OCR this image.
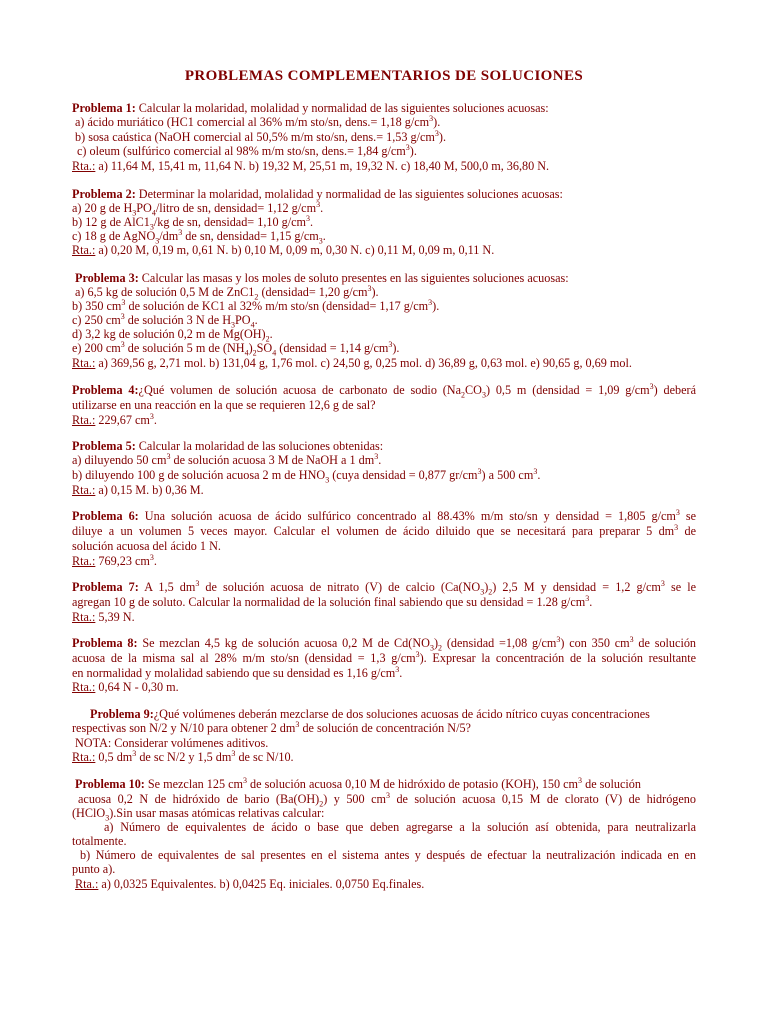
PROBLEMAS COMPLEMENTARIOS DE SOLUCIONES
Problema 1: Calcular la molaridad, molalidad y normalidad de las siguientes soluciones acuosas:
a) ácido muriático (HC1 comercial al 36% m/m sto/sn, dens.= 1,18 $g/cm^3$).
b) sosa caústica (NaOH comercial al 50,5% m/m sto/sn, dens.= 1,53 $g/cm^3$).
c) oleum (sulfúrico comercial al 98% m/m sto/sn, dens.= 1,84 $g/cm^3$).
Rta.: a) 11,64 M, 15,41 m, 11,64 N. b) 19,32 M, 25,51 m, 19,32 N. c) 18,40 M, 500,0 m, 36,80 N.
Problema 2: Determinar la molaridad, molalidad y normalidad de las siguientes soluciones acuosas:
a) 20 g de $H_3PO_4$/litro de sn, densidad= 1,12 $g/cm^3$.
b) 12 g de $AlC1_3/kg$ de sn, densidad= 1,10 $g/cm^3$.
c) 18 g de $AgNO_3/dm^3$ de sn, densidad= 1,15 $g/cm_3$.
Rta.: a) 0,20 M, 0,19 m, 0,61 N. b) 0,10 M, 0,09 m, 0,30 N. c) 0,11 M, 0,09 m, 0,11 N.
Problema 3: Calcular las masas y los moles de soluto presentes en las siguientes soluciones acuosas:
a) 6,5 kg de solución 0,5 M de $ZnC1_2$ (densidad= 1,20 $g/cm^3$).
b) 350 $cm^3$ de solución de KC1 al 32% m/m sto/sn (densidad= 1,17 $g/cm^3$).
c) 250 $cm^3$ de solución 3 N de $H_3PO_4$.
d) 3,2 kg de solución 0,2 m de $Mg(OH)_2$.
e) 200 $cm^3$ de solución 5 m de $(NH_4)_2SO_4$ (densidad = 1,14 $g/cm^3$).
Rta.: a) 369,56 g, 2,71 mol. b) 131,04 g, 1,76 mol. c) 24,50 g, 0,25 mol. d) 36,89 g, 0,63 mol. e) 90,65 g, 0,69 mol.
Problema 4:¿Qué volumen de solución acuosa de carbonato de sodio $(Na_2CO_3)$ 0,5 m (densidad = 1,09 $g/cm^3$) deberá
utilizarse en una reacción en la que se requieren 12,6 g de sal?
Rta.: 229,67 $cm^3$.
Problema 5: Calcular la molaridad de las soluciones obtenidas:
a) diluyendo 50 $cm^3$ de solución acuosa 3 M de NaOH a 1 $dm^3$.
b) diluyendo 100 g de solución acuosa 2 m de $HNO_3$ (cuya densidad = 0,877 $gr/cm^3$) a 500 $cm^3$.
Rta.: a) 0,15 M. b) 0,36 M.
Problema 6: Una solución acuosa de ácido sulfúrico concentrado al 88.43% m/m sto/sn y densidad = 1,805 $g/cm^3$ se
diluye a un volumen 5 veces mayor. Calcular el volumen de ácido diluido que se necesitará para preparar 5 $dm^3$ de
solución acuosa del ácido 1 N.
Rta.: 769,23 $cm^3$.
Problema 7: A 1,5 $dm^3$ de solución acuosa de nitrato (V) de calcio $(Ca(NO_3)_2)$ 2,5 M y densidad = 1,2 $g/cm^3$ se le
agregan 10 g de soluto. Calcular la normalidad de la solución final sabiendo que su densidad = 1.28 $g/cm^3$.
Rta.: 5,39 N.
Problema 8: Se mezclan 4,5 kg de solución acuosa 0,2 M de $Cd(NO_3)_2$ (densidad =1,08 $g/cm^3$) con 350 $cm^3$ de solución
acuosa de la misma sal al 28% m/m sto/sn (densidad = 1,3 $g/cm^3$). Expresar la concentración de la solución resultante
en normalidad y molalidad sabiendo que su densidad es 1,16 $g/cm^3$.
Rta.: 0,64 N - 0,30 m.
Problema 9:¿Qué volúmenes deberán mezclarse de dos soluciones acuosas de ácido nítrico cuyas concentraciones
respectivas son N/2 y N/10 para obtener 2 $dm^3$ de solución de concentración N/5?
NOTA: Considerar volúmenes aditivos.
Rta.: 0,5 $dm^3$ de sc N/2 y 1,5 $dm^3$ de sc N/10.
Problema 10: Se mezclan 125 $cm^3$ de solución acuosa 0,10 M de hidróxido de potasio (KOH), 150 $cm^3$ de solución
acuosa 0,2 N de hidróxido de bario $(Ba(OH)_2)$ y 500 $cm^3$ de solución acuosa 0,15 M de clorato (V) de hidrógeno
(HClO$_3$).Sin usar masas atómicas relativas calcular:
a) Número de equivalentes de ácido o base que deben agregarse a la solución así obtenida, para neutralizarla
totalmente.
b) Número de equivalentes de sal presentes en el sistema antes y después de efectuar la neutralización indicada en en
punto a).
Rta.: a) 0,0325 Equivalentes. b) 0,0425 Eq. iniciales. 0,0750 Eq.finales.
